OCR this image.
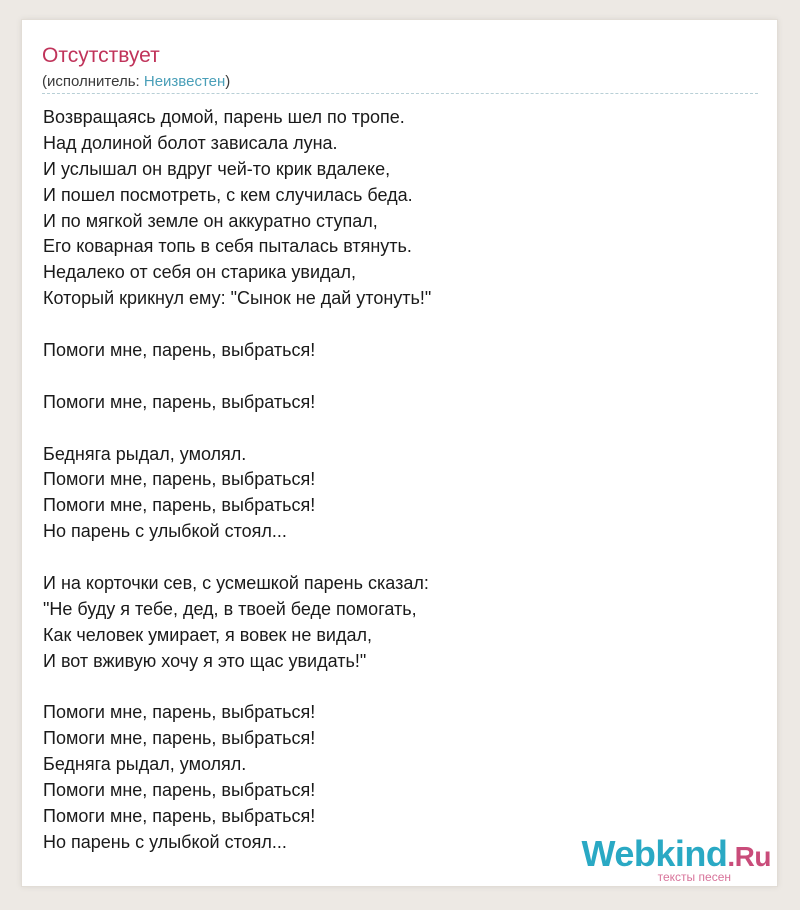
Отсутствует
(исполнитель: Неизвестен)
Возвращаясь домой, парень шел по тропе.
Над долиной болот зависала луна.
И услышал он вдруг чей-то крик вдалеке,
И пошел посмотреть, с кем случилась беда.
И по мягкой земле он аккуратно ступал,
Его коварная топь в себя пыталась втянуть.
Недалеко от себя он старика увидал,
Который крикнул ему: "Сынок не дай утонуть!"
Помоги мне, парень, выбраться!
Помоги мне, парень, выбраться!
Бедняга рыдал, умолял.
Помоги мне, парень, выбраться!
Помоги мне, парень, выбраться!
Но парень с улыбкой стоял...
И на корточки сев, с усмешкой парень сказал:
"Не буду я тебе, дед, в твоей беде помогать,
Как человек умирает, я вовек не видал,
И вот вживую хочу я это щас увидать!"
Помоги мне, парень, выбраться!
Помоги мне, парень, выбраться!
Бедняга рыдал, умолял.
Помоги мне, парень, выбраться!
Помоги мне, парень, выбраться!
Но парень с улыбкой стоял...	Webkind.Ru
тексты песен
